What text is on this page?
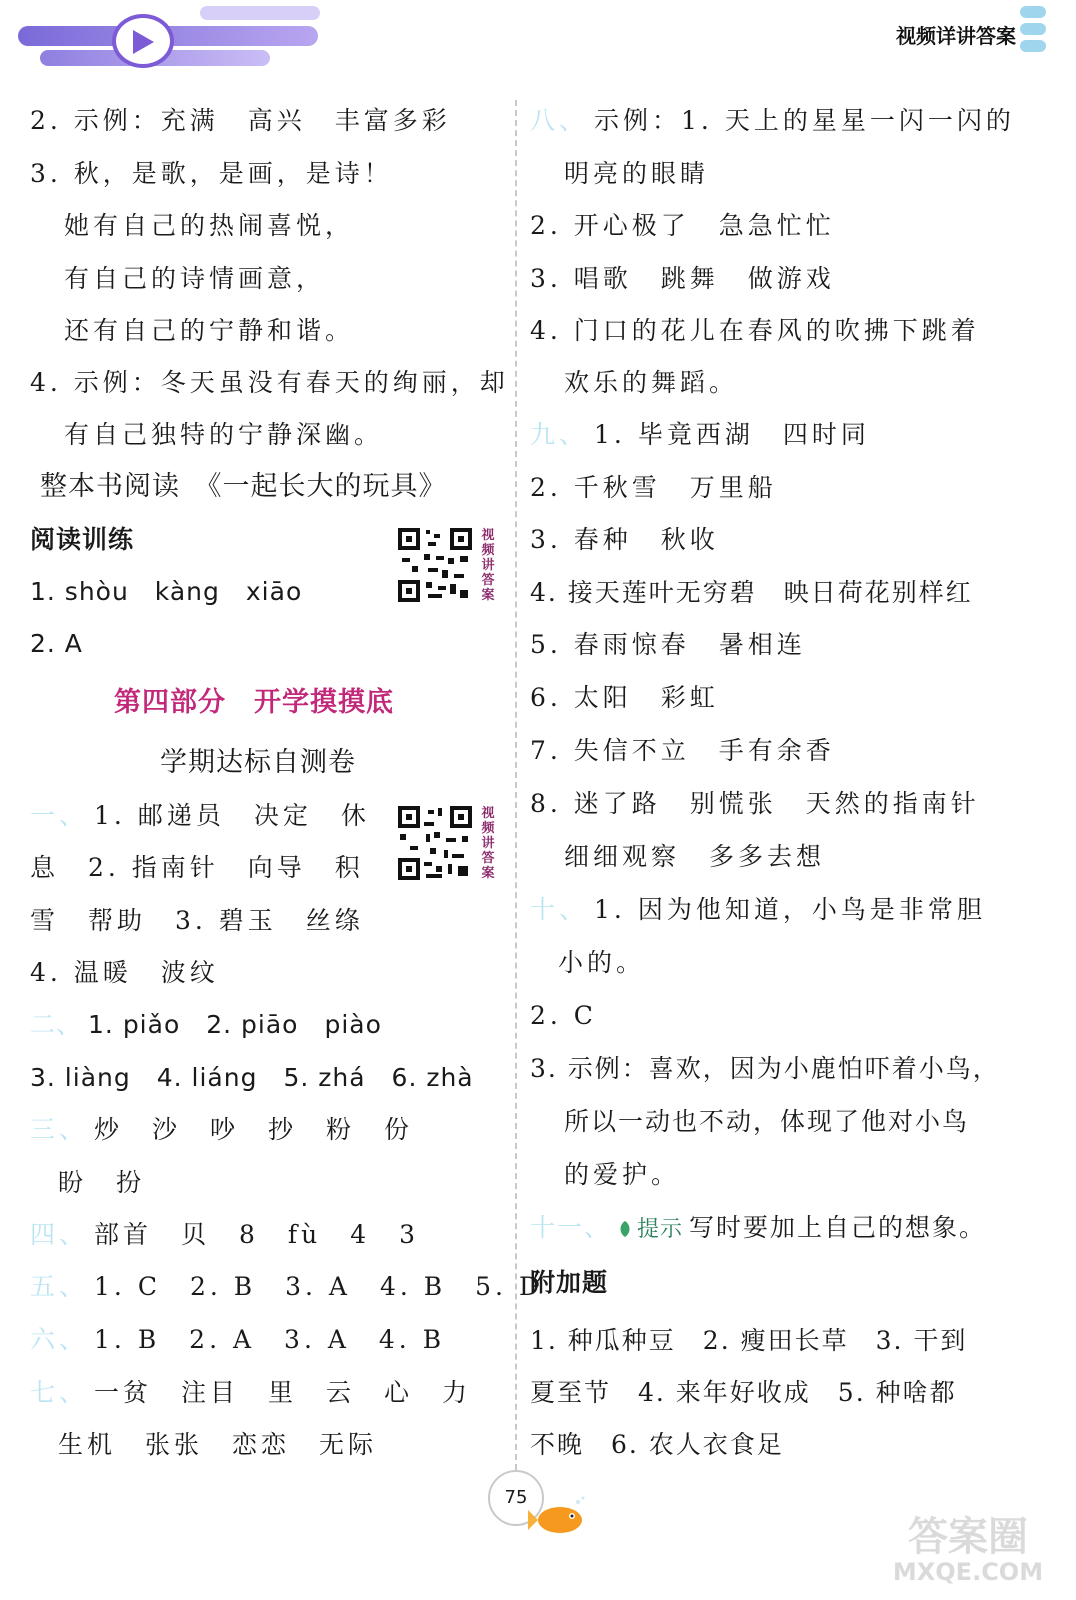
视频详讲答案
2. 示例：充满　高兴　丰富多彩
3. 秋，是歌，是画，是诗！
她有自己的热闹喜悦，
有自己的诗情画意，
还有自己的宁静和谐。
4. 示例：冬天虽没有春天的绚丽，却
有自己独特的宁静深幽。
整本书阅读　《一起长大的玩具》
阅读训练
1. shòu　kàng　xiāo
2. A
视频讲答案
第四部分　开学摸摸底
学期达标自测卷
一、 1. 邮递员　决定　休
息　2. 指南针　向导　积
雪　帮助　3. 碧玉　丝绦
4. 温暖　波纹
视频讲答案
二、 1. piǎo　2. piāo　piào
3. liàng　4. liáng　5. zhá　6. zhà
三、 炒　沙　吵　抄　粉　份
盼　扮
四、 部首　贝　8　fù　4　3
五、 1. C　2. B　3. A　4. B　5. D
六、 1. B　2. A　3. A　4. B
七、 一贫　注目　里　云　心　力
生机　张张　恋恋　无际
八、 示例：1. 天上的星星一闪一闪的
明亮的眼睛
2. 开心极了　急急忙忙
3. 唱歌　跳舞　做游戏
4. 门口的花儿在春风的吹拂下跳着
欢乐的舞蹈。
九、 1. 毕竟西湖　四时同
2. 千秋雪　万里船
3. 春种　秋收
4. 接天莲叶无穷碧　映日荷花别样红
5. 春雨惊春　暑相连
6. 太阳　彩虹
7. 失信不立　手有余香
8. 迷了路　别慌张　天然的指南针
细细观察　多多去想
十、 1. 因为他知道，小鸟是非常胆
小的。
2. C
3. 示例：喜欢，因为小鹿怕吓着小鸟，
所以一动也不动，体现了他对小鸟
的爱护。
十一、 提示 写时要加上自己的想象。
附加题
1. 种瓜种豆　2. 瘦田长草　3. 干到
夏至节　4. 来年好收成　5. 种啥都
不晚　6. 农人衣食足
75
答案圈
MXQE.COM
